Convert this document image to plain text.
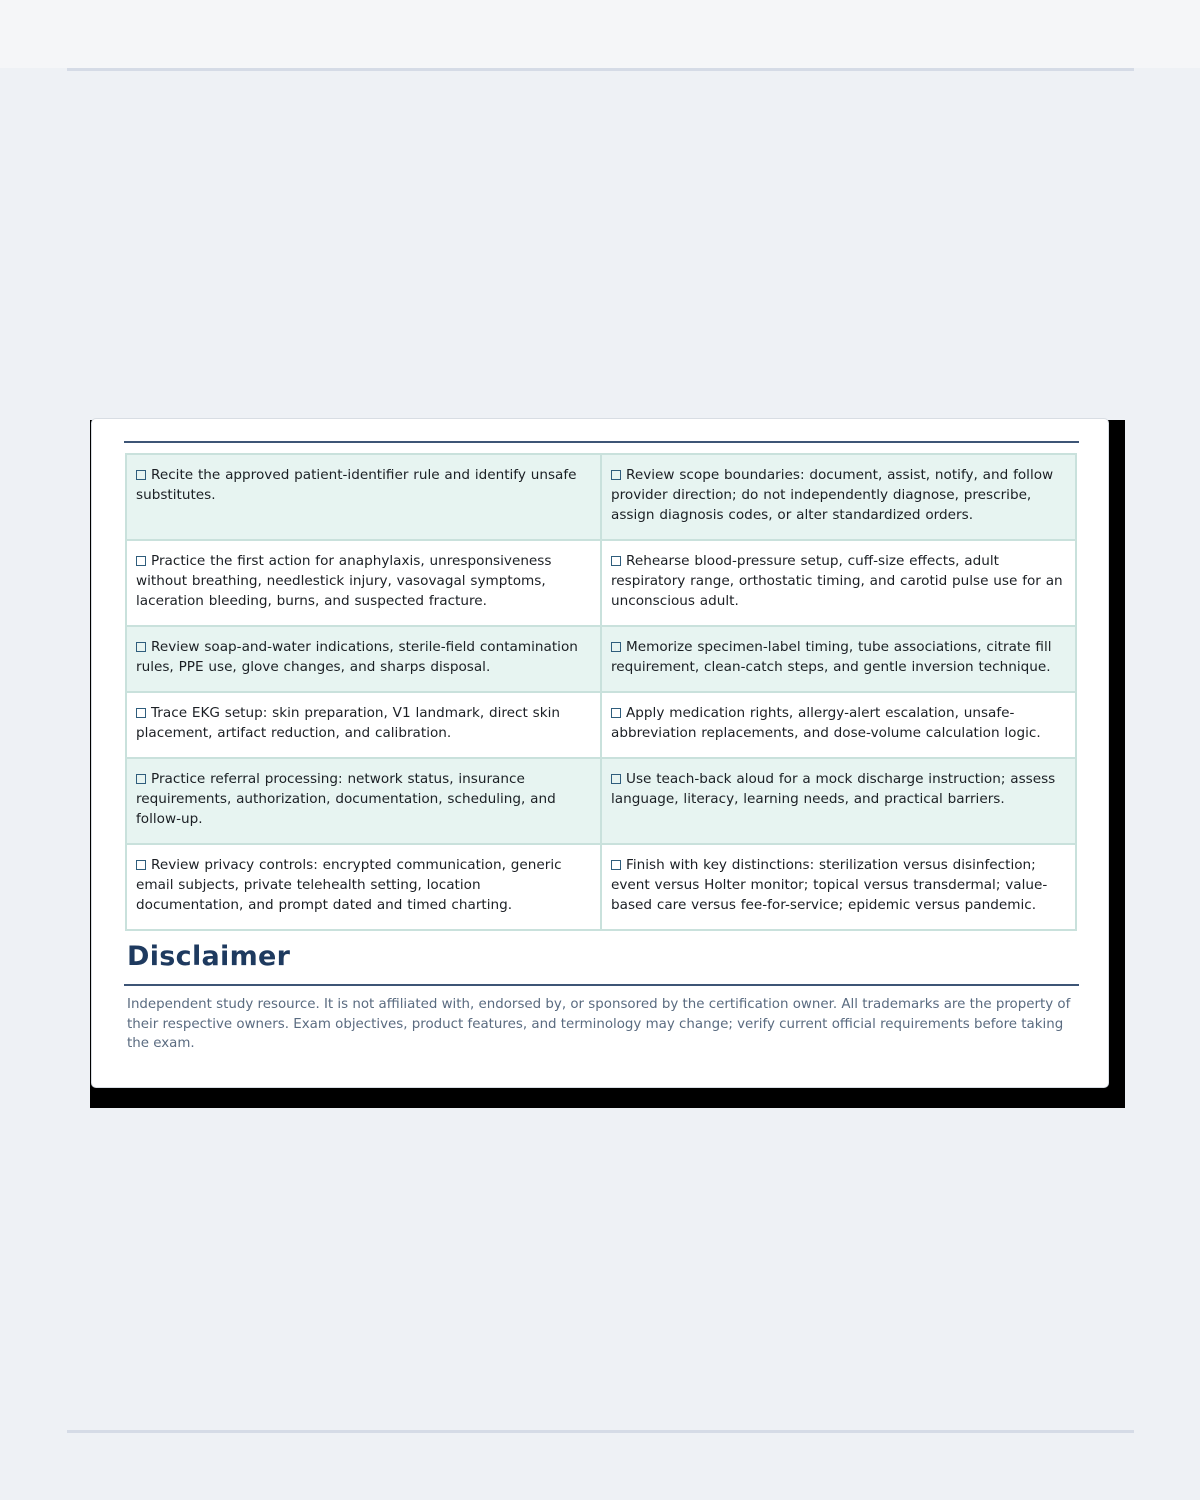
Recite the approved patient-identifier rule and identify unsafe substitutes.	Review scope boundaries: document, assist, notify, and follow provider direction; do not independently diagnose, prescribe, assign diagnosis codes, or alter standardized orders.
Practice the first action for anaphylaxis, unresponsiveness without breathing, needlestick injury, vasovagal symptoms, laceration bleeding, burns, and suspected fracture.	Rehearse blood-pressure setup, cuff-size effects, adult respiratory range, orthostatic timing, and carotid pulse use for an unconscious adult.
Review soap-and-water indications, sterile-field contamination rules, PPE use, glove changes, and sharps disposal.	Memorize specimen-label timing, tube associations, citrate fill requirement, clean-catch steps, and gentle inversion technique.
Trace EKG setup: skin preparation, V1 landmark, direct skin placement, artifact reduction, and calibration.	Apply medication rights, allergy-alert escalation, unsafe-abbreviation replacements, and dose-volume calculation logic.
Practice referral processing: network status, insurance requirements, authorization, documentation, scheduling, and follow-up.	Use teach-back aloud for a mock discharge instruction; assess language, literacy, learning needs, and practical barriers.
Review privacy controls: encrypted communication, generic email subjects, private telehealth setting, location documentation, and prompt dated and timed charting.	Finish with key distinctions: sterilization versus disinfection; event versus Holter monitor; topical versus transdermal; value-based care versus fee-for-service; epidemic versus pandemic.
Disclaimer

Independent study resource. It is not affiliated with, endorsed by, or sponsored by the certification owner. All trademarks are the property of their respective owners. Exam objectives, product features, and terminology may change; verify current official requirements before taking the exam.
